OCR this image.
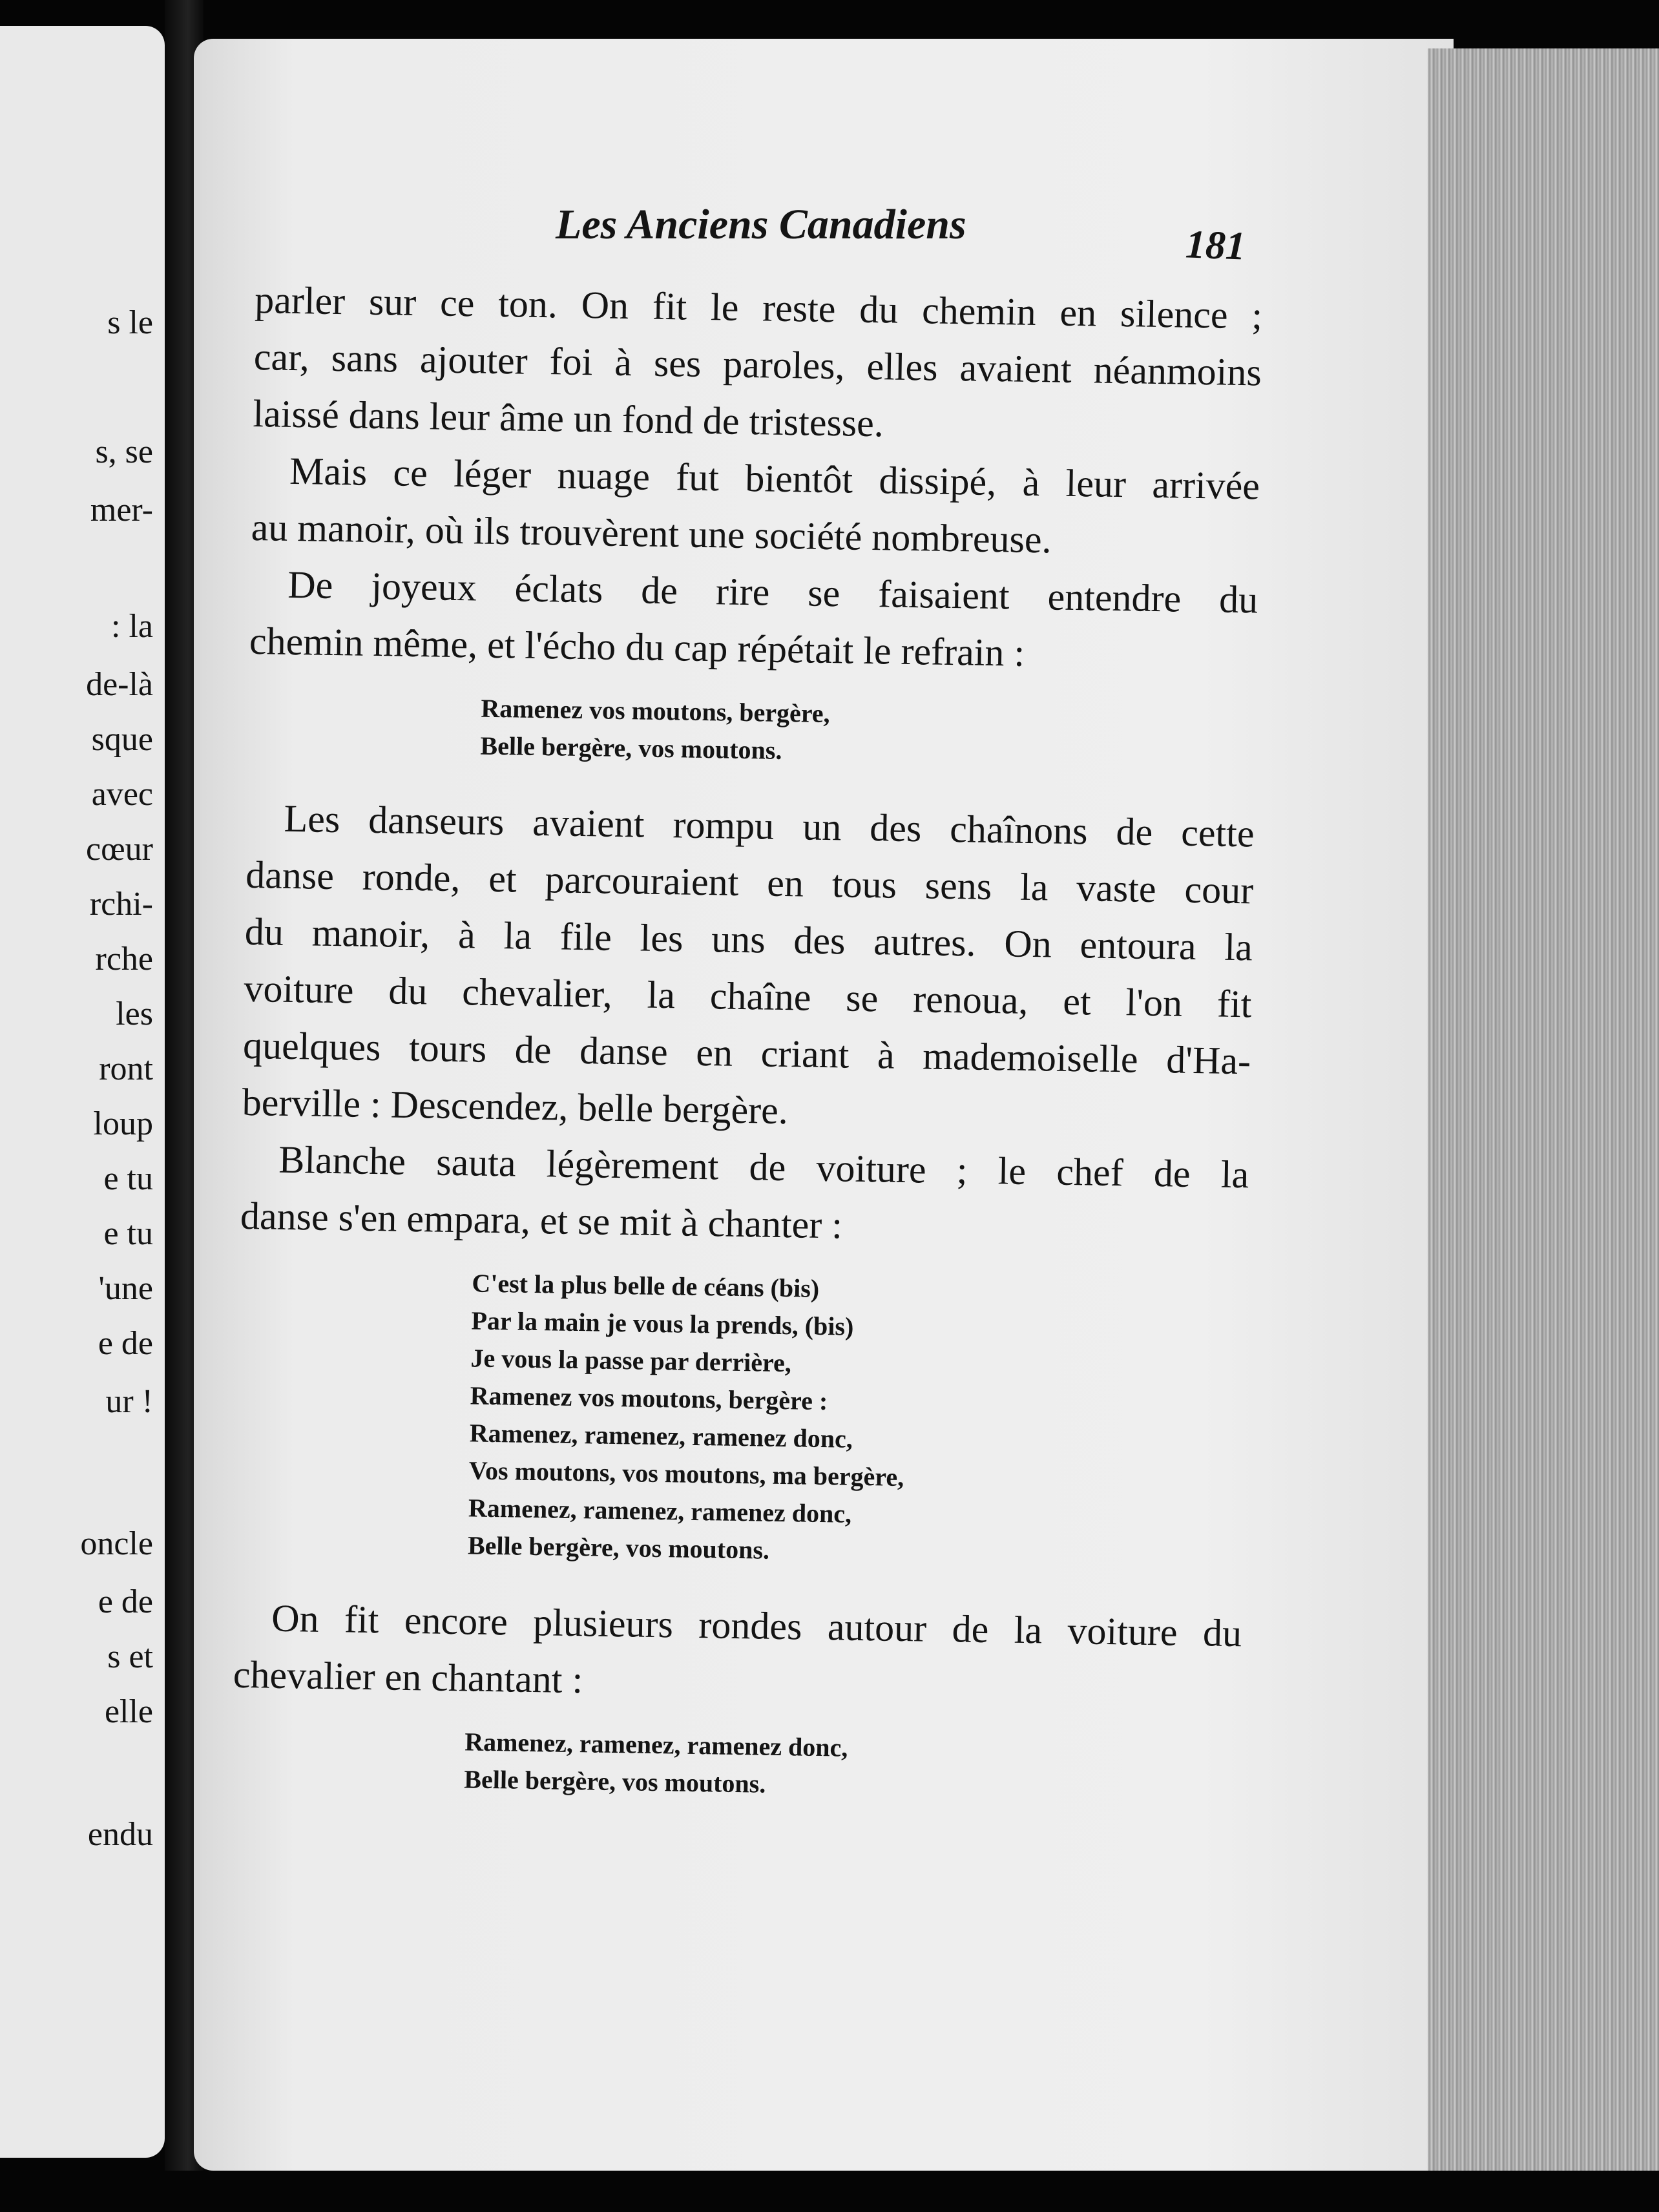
s le
s, se
mer-
: la
de-là
sque
avec
cœur
rchi-
rche
les
ront
loup
e tu
e tu
'une
e de
ur !
oncle
e de
s et
elle
endu
Les Anciens Canadiens	181
parler sur ce ton. On fit le reste du chemin en silence ;
car, sans ajouter foi à ses paroles, elles avaient néanmoins
laissé dans leur âme un fond de tristesse.
Mais ce léger nuage fut bientôt dissipé, à leur arrivée
au manoir, où ils trouvèrent une société nombreuse.
De joyeux éclats de rire se faisaient entendre du
chemin même, et l'écho du cap répétait le refrain :
Ramenez vos moutons, bergère,
Belle bergère, vos moutons.
Les danseurs avaient rompu un des chaînons de cette
danse ronde, et parcouraient en tous sens la vaste cour
du manoir, à la file les uns des autres. On entoura la
voiture du chevalier, la chaîne se renoua, et l'on fit
quelques tours de danse en criant à mademoiselle d'Ha-
berville : Descendez, belle bergère.
Blanche sauta légèrement de voiture ; le chef de la
danse s'en empara, et se mit à chanter :
C'est la plus belle de céans (bis)
Par la main je vous la prends, (bis)
Je vous la passe par derrière,
Ramenez vos moutons, bergère :
Ramenez, ramenez, ramenez donc,
Vos moutons, vos moutons, ma bergère,
Ramenez, ramenez, ramenez donc,
Belle bergère, vos moutons.
On fit encore plusieurs rondes autour de la voiture du
chevalier en chantant :
Ramenez, ramenez, ramenez donc,
Belle bergère, vos moutons.
